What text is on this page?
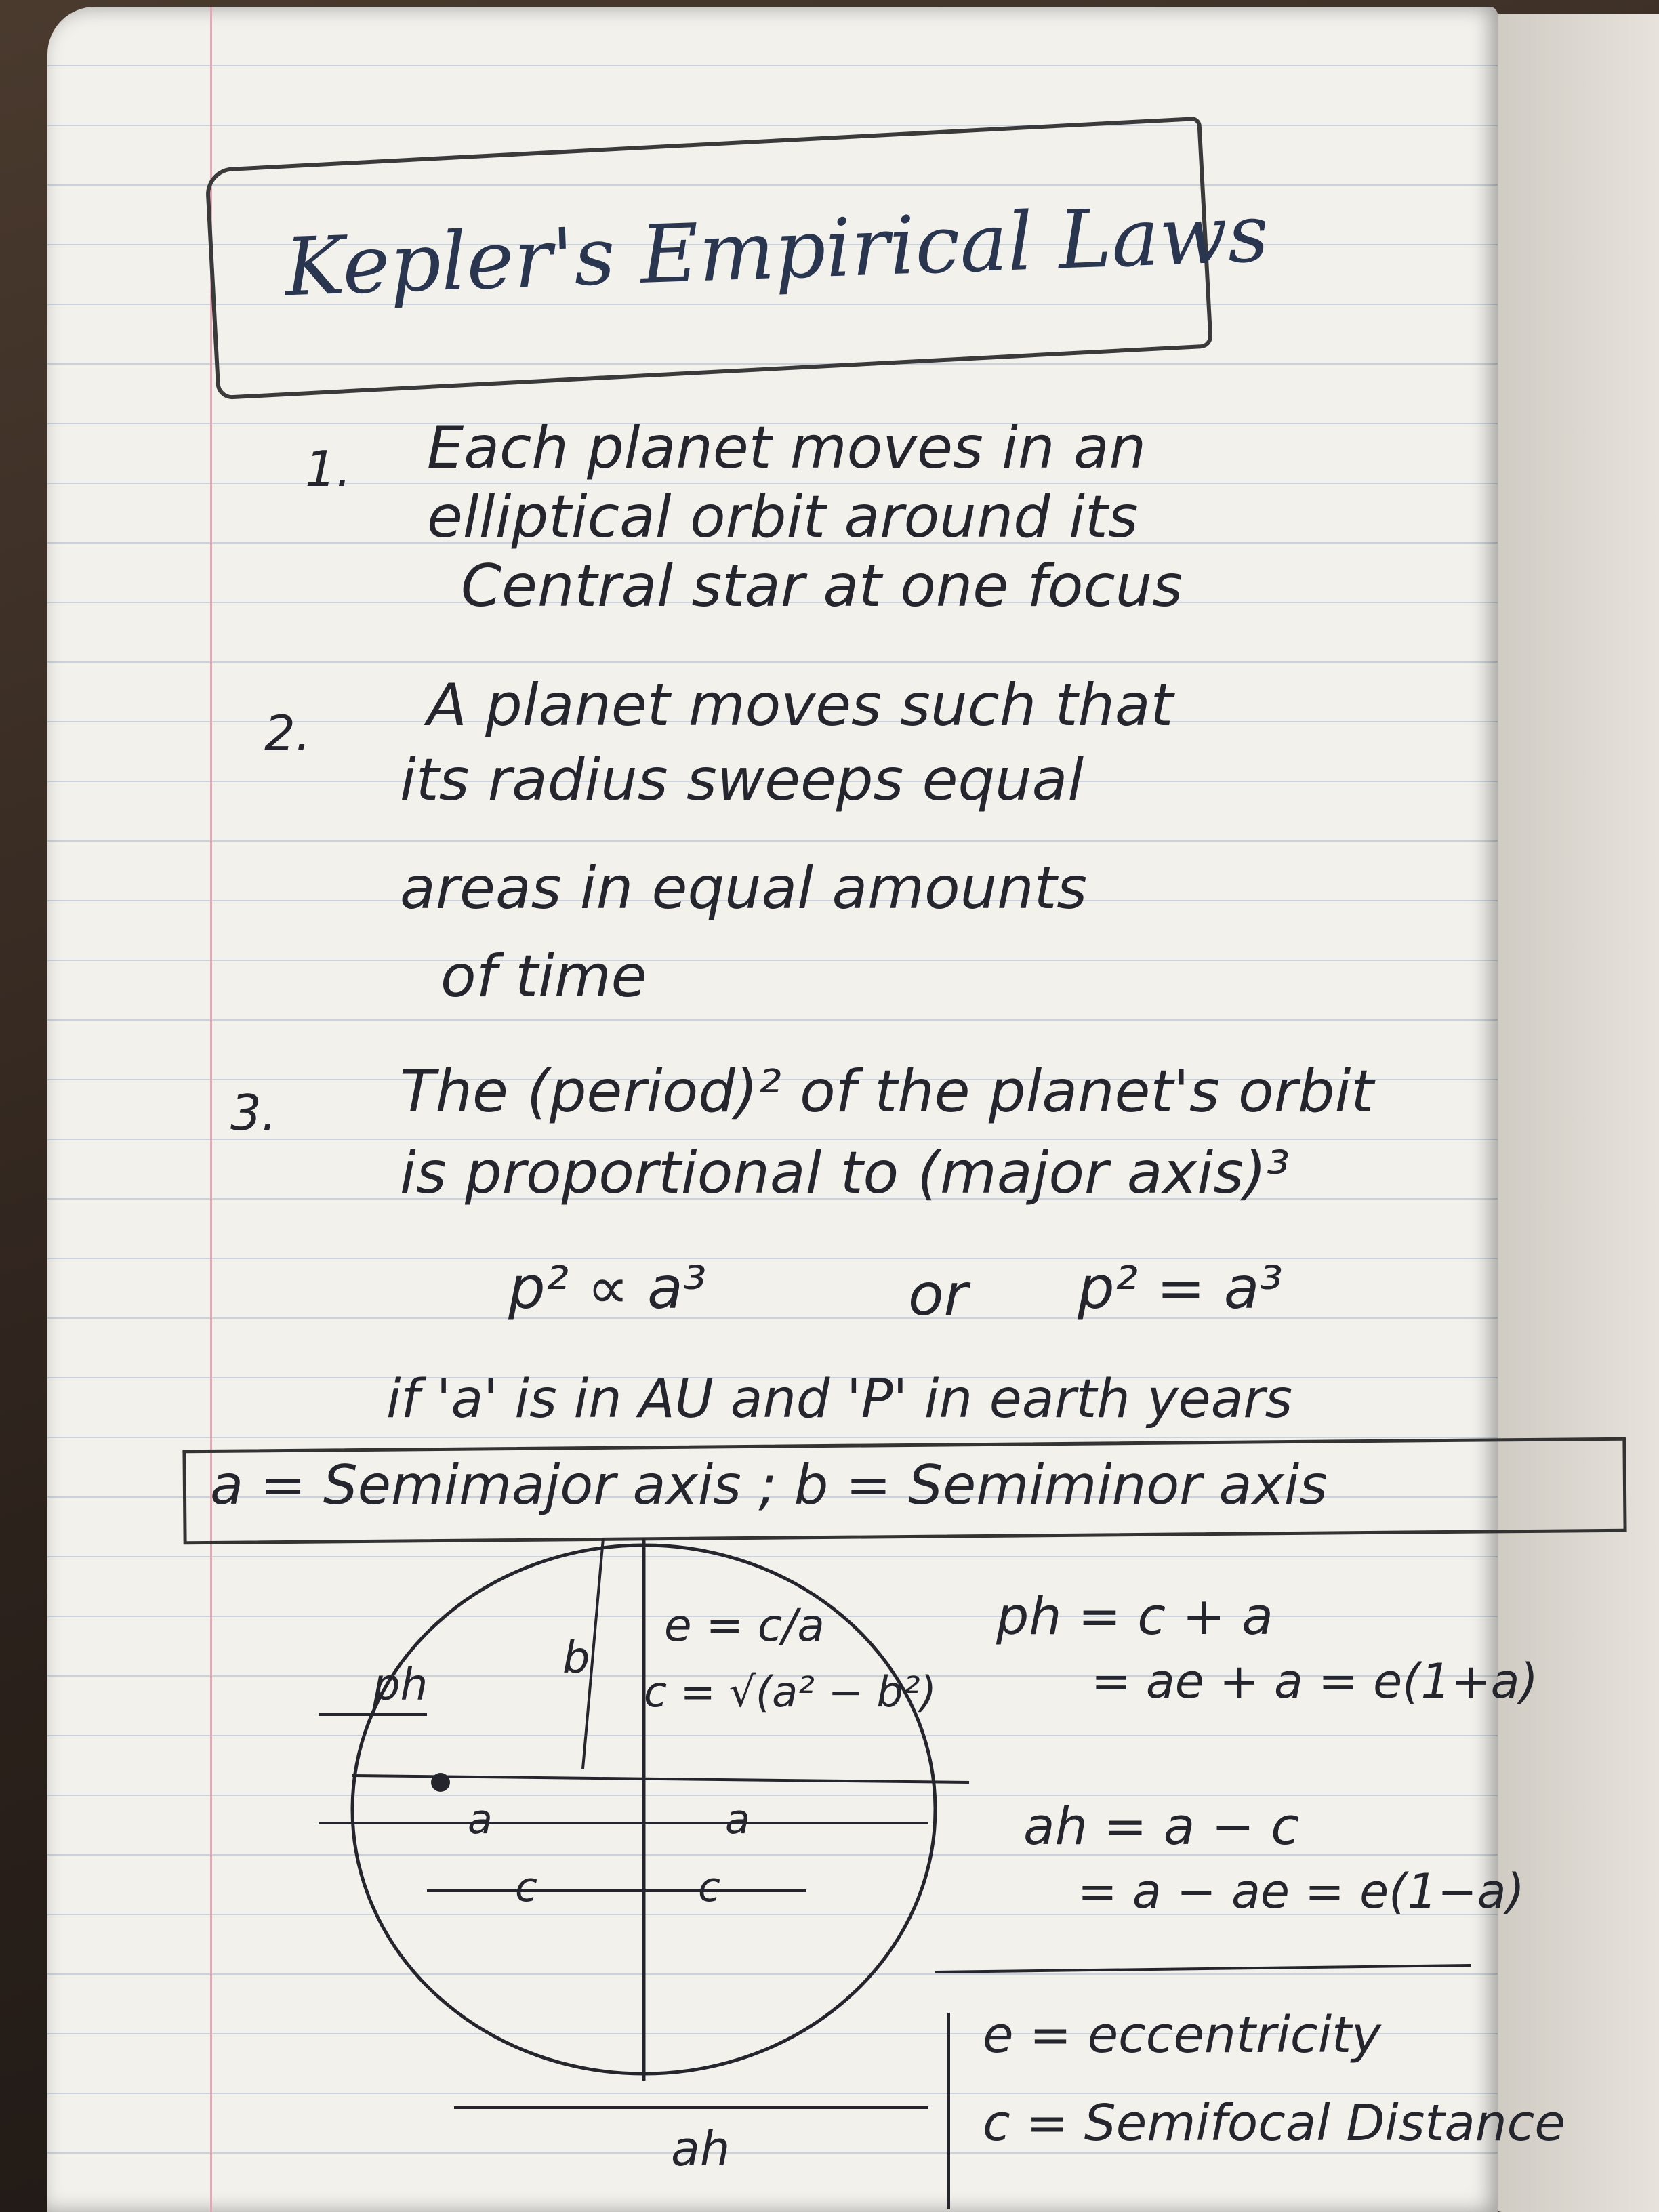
Kepler's Empirical Laws
1. Each planet moves in an
elliptical orbit around its
Central star at one focus
2. A planet moves such that
its radius sweeps equal
areas in equal amounts
of time
3. The (period)² of the planet's orbit
is proportional to (major axis)³
p² ∝ a³	or p² = a³
if 'a' is in AU and 'P' in earth years
a = Semimajor axis ; b = Semiminor axis
ph
b
a	a
c	c
ah
e = c/a
c = √(a² − b²)
ph = c + a
= ae + a = e(1+a)
ah = a − c
= a − ae = e(1−a)
e = eccentricity
c = Semifocal Distance
